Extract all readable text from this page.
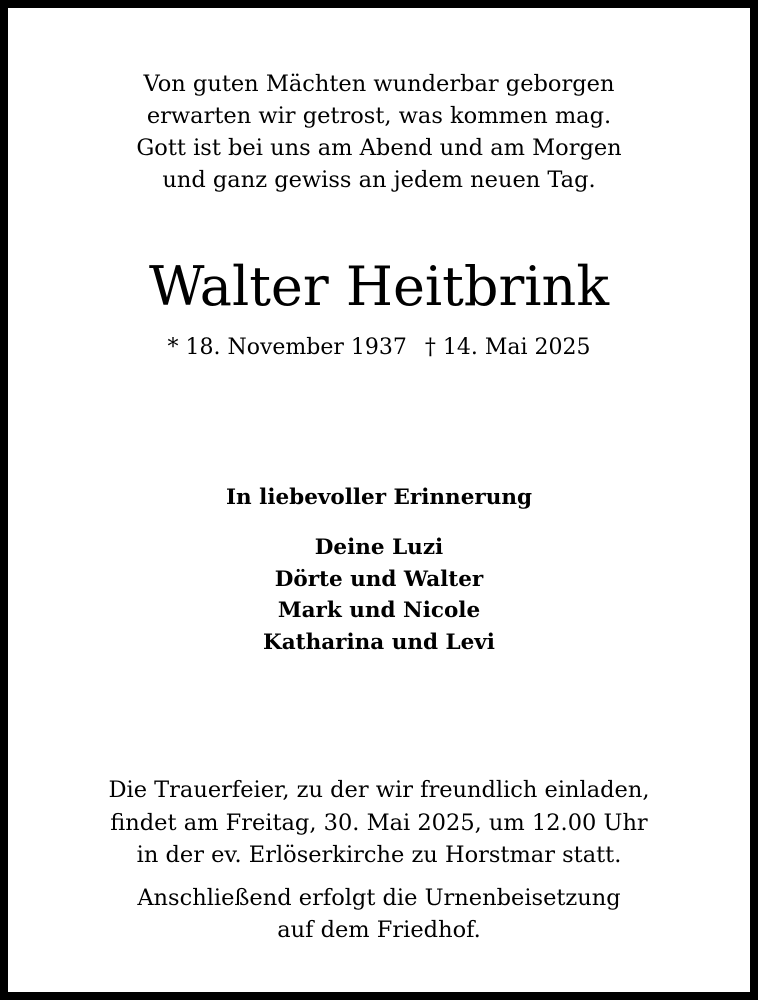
Von guten Mächten wunderbar geborgen
erwarten wir getrost, was kommen mag.
Gott ist bei uns am Abend und am Morgen
und ganz gewiss an jedem neuen Tag.
Walter Heitbrink
* 18. November 1937 † 14. Mai 2025
In liebevoller Erinnerung
Deine Luzi
Dörte und Walter
Mark und Nicole
Katharina und Levi
Die Trauerfeier, zu der wir freundlich einladen,
findet am Freitag, 30. Mai 2025, um 12.00 Uhr
in der ev. Erlöserkirche zu Horstmar statt.
Anschließend erfolgt die Urnenbeisetzung
auf dem Friedhof.
